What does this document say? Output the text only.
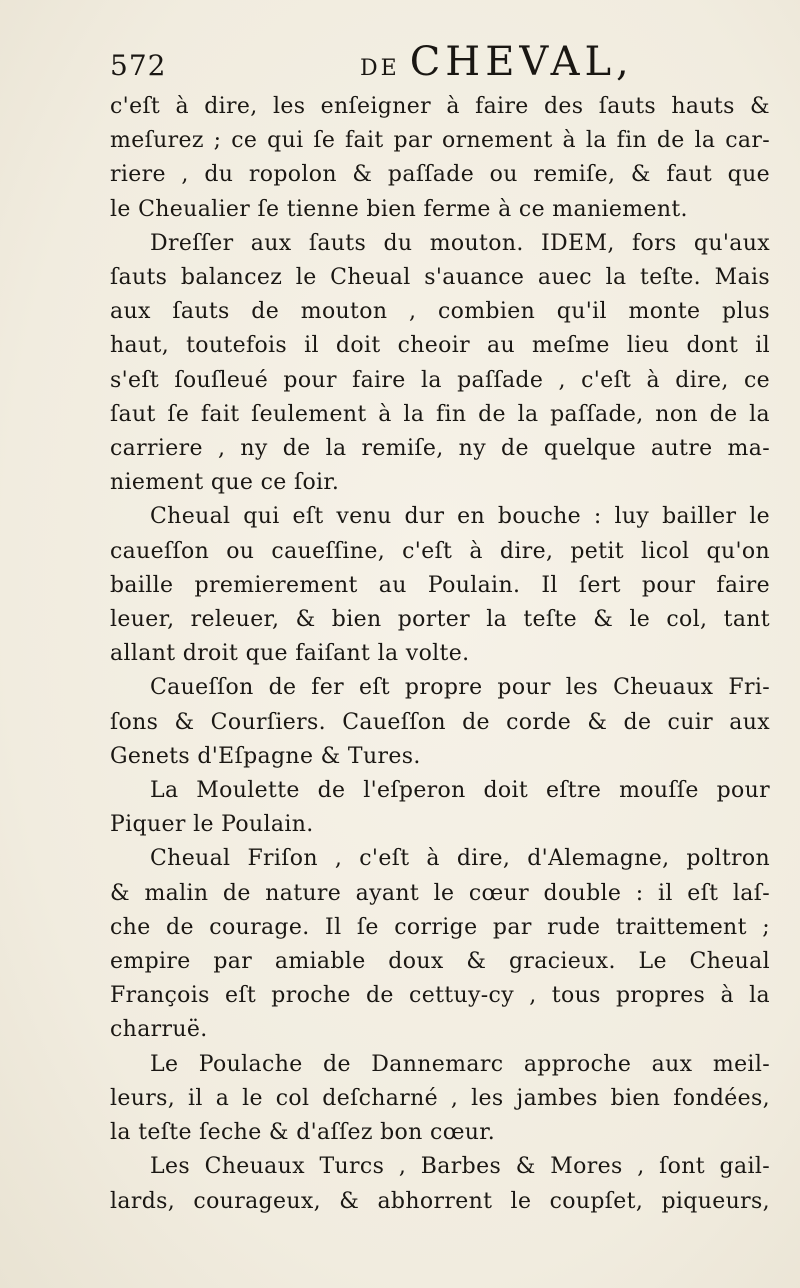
572	DE CHEVAL,
c'eſt à dire, les enſeigner à faire des ſauts hauts &
meſurez ; ce qui ſe fait par ornement à la fin de la car-
riere , du ropolon & paſſade ou remiſe, & faut que
le Cheualier ſe tienne bien ferme à ce maniement.
Dreſſer aux ſauts du mouton. IDEM, fors qu'aux
ſauts balancez le Cheual s'auance auec la teſte. Mais
aux ſauts de mouton , combien qu'il monte plus
haut, toutefois il doit cheoir au meſme lieu dont il
s'eſt ſouſleué pour faire la paſſade , c'eſt à dire, ce
ſaut ſe fait ſeulement à la fin de la paſſade, non de la
carriere , ny de la remiſe, ny de quelque autre ma-
niement que ce ſoir.
Cheual qui eſt venu dur en bouche : luy bailler le
caueſſon ou caueſſine, c'eſt à dire, petit licol qu'on
baille premierement au Poulain. Il ſert pour faire
leuer, releuer, & bien porter la teſte & le col, tant
allant droit que faiſant la volte.
Caueſſon de fer eſt propre pour les Cheuaux Fri-
ſons & Courſiers. Caueſſon de corde & de cuir aux
Genets d'Eſpagne & Tures.
La Moulette de l'eſperon doit eſtre mouſſe pour
Piquer le Poulain.
Cheual Friſon , c'eſt à dire, d'Alemagne, poltron
& malin de nature ayant le cœur double : il eſt laſ-
che de courage. Il ſe corrige par rude traittement ;
empire par amiable doux & gracieux. Le Cheual
François eſt proche de cettuy-cy , tous propres à la
charruë.
Le Poulache de Dannemarc approche aux meil-
leurs, il a le col deſcharné , les jambes bien fondées,
la teſte ſeche & d'aſſez bon cœur.
Les Cheuaux Turcs , Barbes & Mores , ſont gail-
lards, courageux, & abhorrent le coupſet, piqueurs,
